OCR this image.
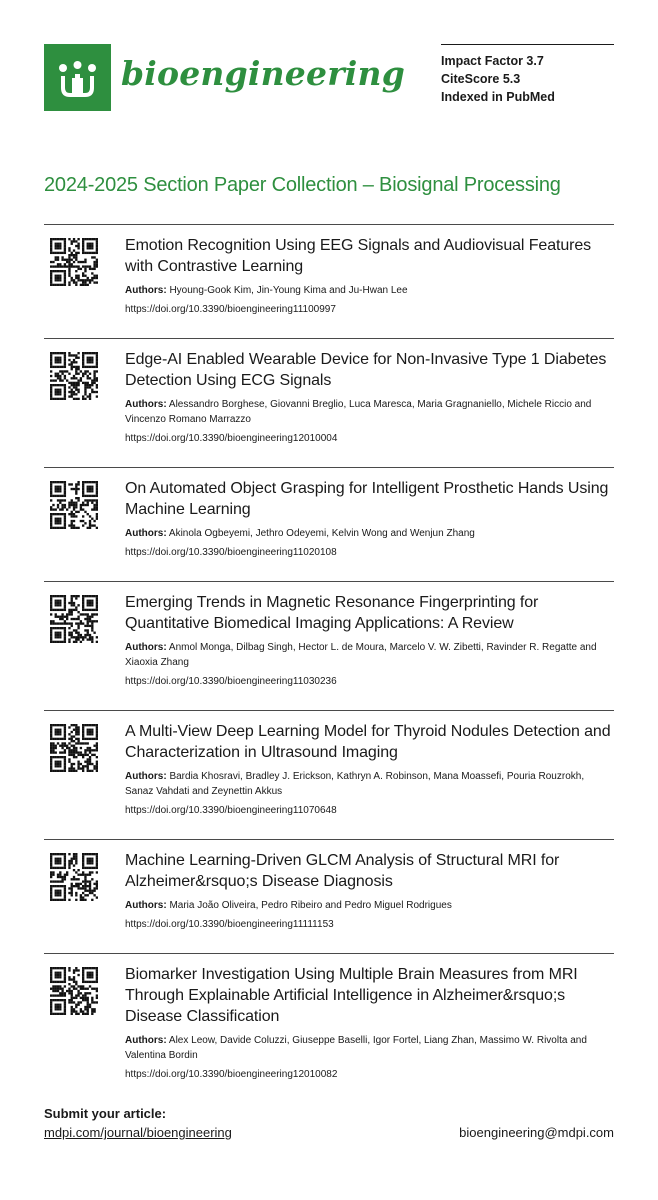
bioengineering	Impact Factor 3.7
CiteScore 5.3
Indexed in PubMed
2024-2025 Section Paper Collection – Biosignal Processing
Emotion Recognition Using EEG Signals and Audiovisual Features with Contrastive Learning
Authors: Hyoung-Gook Kim, Jin-Young Kima and Ju-Hwan Lee
https://doi.org/10.3390/bioengineering11100997
Edge-AI Enabled Wearable Device for Non-Invasive Type 1 Diabetes Detection Using ECG Signals
Authors: Alessandro Borghese, Giovanni Breglio, Luca Maresca, Maria Gragnaniello, Michele Riccio and Vincenzo Romano Marrazzo
https://doi.org/10.3390/bioengineering12010004
On Automated Object Grasping for Intelligent Prosthetic Hands Using Machine Learning
Authors: Akinola Ogbeyemi, Jethro Odeyemi, Kelvin Wong and Wenjun Zhang
https://doi.org/10.3390/bioengineering11020108
Emerging Trends in Magnetic Resonance Fingerprinting for Quantitative Biomedical Imaging Applications: A Review
Authors: Anmol Monga, Dilbag Singh, Hector L. de Moura, Marcelo V. W. Zibetti, Ravinder R. Regatte and Xiaoxia Zhang
https://doi.org/10.3390/bioengineering11030236
A Multi-View Deep Learning Model for Thyroid Nodules Detection and Characterization in Ultrasound Imaging
Authors: Bardia Khosravi, Bradley J. Erickson, Kathryn A. Robinson, Mana Moassefi, Pouria Rouzrokh, Sanaz Vahdati and Zeynettin Akkus
https://doi.org/10.3390/bioengineering11070648
Machine Learning-Driven GLCM Analysis of Structural MRI for Alzheimer&rsquo;s Disease Diagnosis
Authors: Maria João Oliveira, Pedro Ribeiro and Pedro Miguel Rodrigues
https://doi.org/10.3390/bioengineering11111153
Biomarker Investigation Using Multiple Brain Measures from MRI Through Explainable Artificial Intelligence in Alzheimer&rsquo;s Disease Classification
Authors: Alex Leow, Davide Coluzzi, Giuseppe Baselli, Igor Fortel, Liang Zhan, Massimo W. Rivolta and Valentina Bordin
https://doi.org/10.3390/bioengineering12010082
Submit your article:
mdpi.com/journal/bioengineering	bioengineering@mdpi.com
